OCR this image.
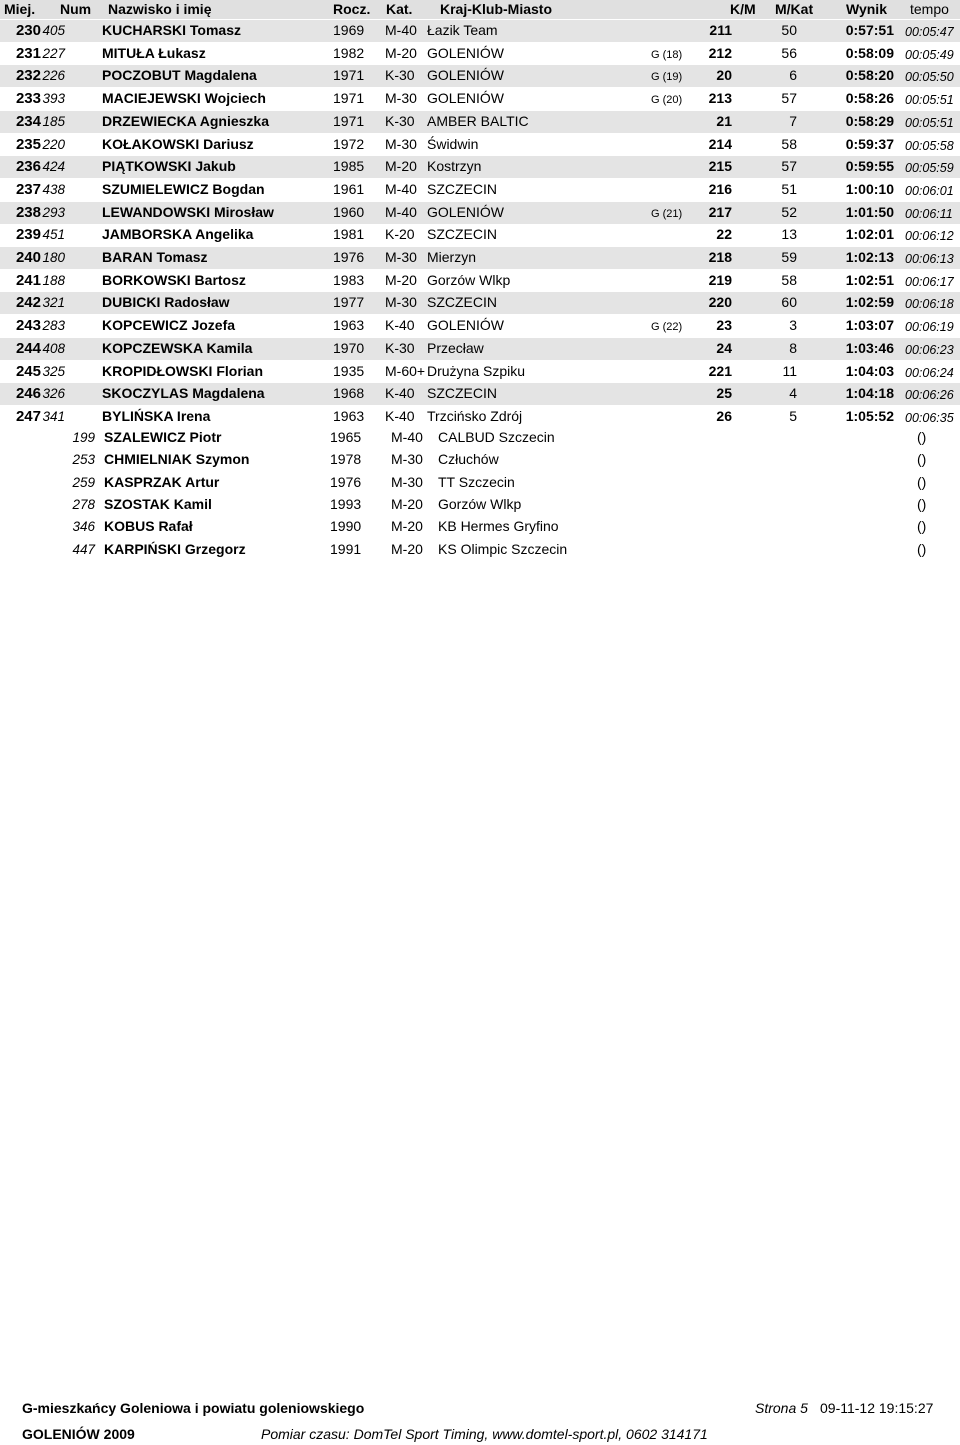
Miej. Num Nazwisko i imię	Rocz. Kat. Kraj-Klub-Miasto	K/M M/Kat Wynik tempo
230 405	KUCHARSKI Tomasz	1969 M-40 Łazik Team	211	50	0:57:51 00:05:47
231 227	MITUŁA Łukasz	1982 M-20 GOLENIÓW	G (18)	212	56	0:58:09 00:05:49
232 226	POCZOBUT Magdalena	1971 K-30 GOLENIÓW	G (19)	20	6	0:58:20 00:05:50
233 393	MACIEJEWSKI Wojciech	1971 M-30 GOLENIÓW	G (20)	213	57	0:58:26 00:05:51
234 185	DRZEWIECKA Agnieszka	1971 K-30 AMBER BALTIC	21	7	0:58:29 00:05:51
235 220	KOŁAKOWSKI Dariusz	1972 M-30 Świdwin	214	58	0:59:37 00:05:58
236 424	PIĄTKOWSKI Jakub	1985 M-20 Kostrzyn	215	57	0:59:55 00:05:59
237 438	SZUMIELEWICZ Bogdan	1961 M-40 SZCZECIN	216	51	1:00:10 00:06:01
238 293	LEWANDOWSKI Mirosław	1960 M-40 GOLENIÓW	G (21)	217	52	1:01:50 00:06:11
239 451	JAMBORSKA Angelika	1981 K-20 SZCZECIN	22	13	1:02:01 00:06:12
240 180	BARAN Tomasz	1976 M-30 Mierzyn	218	59	1:02:13 00:06:13
241 188	BORKOWSKI Bartosz	1983 M-20 Gorzów Wlkp	219	58	1:02:51 00:06:17
242 321	DUBICKI Radosław	1977 M-30 SZCZECIN	220	60	1:02:59 00:06:18
243 283	KOPCEWICZ Jozefa	1963 K-40 GOLENIÓW	G (22)	23	3	1:03:07 00:06:19
244 408	KOPCZEWSKA Kamila	1970 K-30 Przecław	24	8	1:03:46 00:06:23
245 325	KROPIDŁOWSKI Florian	1935 M-60+ Drużyna Szpiku	221	11	1:04:03 00:06:24
246 326	SKOCZYLAS Magdalena	1968 K-40 SZCZECIN	25	4	1:04:18 00:06:26
247 341	BYLIŃSKA Irena	1963 K-40 Trzcińsko Zdrój	26	5	1:05:52 00:06:35
199 SZALEWICZ Piotr	1965 M-40 CALBUD Szczecin	()
253 CHMIELNIAK Szymon	1978 M-30 Człuchów	()
259 KASPRZAK Artur	1976 M-30 TT Szczecin	()
278 SZOSTAK Kamil	1993 M-20 Gorzów Wlkp	()
346 KOBUS Rafał	1990 M-20 KB Hermes Gryfino	()
447 KARPIŃSKI Grzegorz	1991 M-20 KS Olimpic Szczecin	()
G-mieszkańcy Goleniowa i powiatu goleniowskiego	Strona 5 09-11-12 19:15:27
GOLENIÓW 2009	Pomiar czasu: DomTel Sport Timing, www.domtel-sport.pl, 0602 314171
